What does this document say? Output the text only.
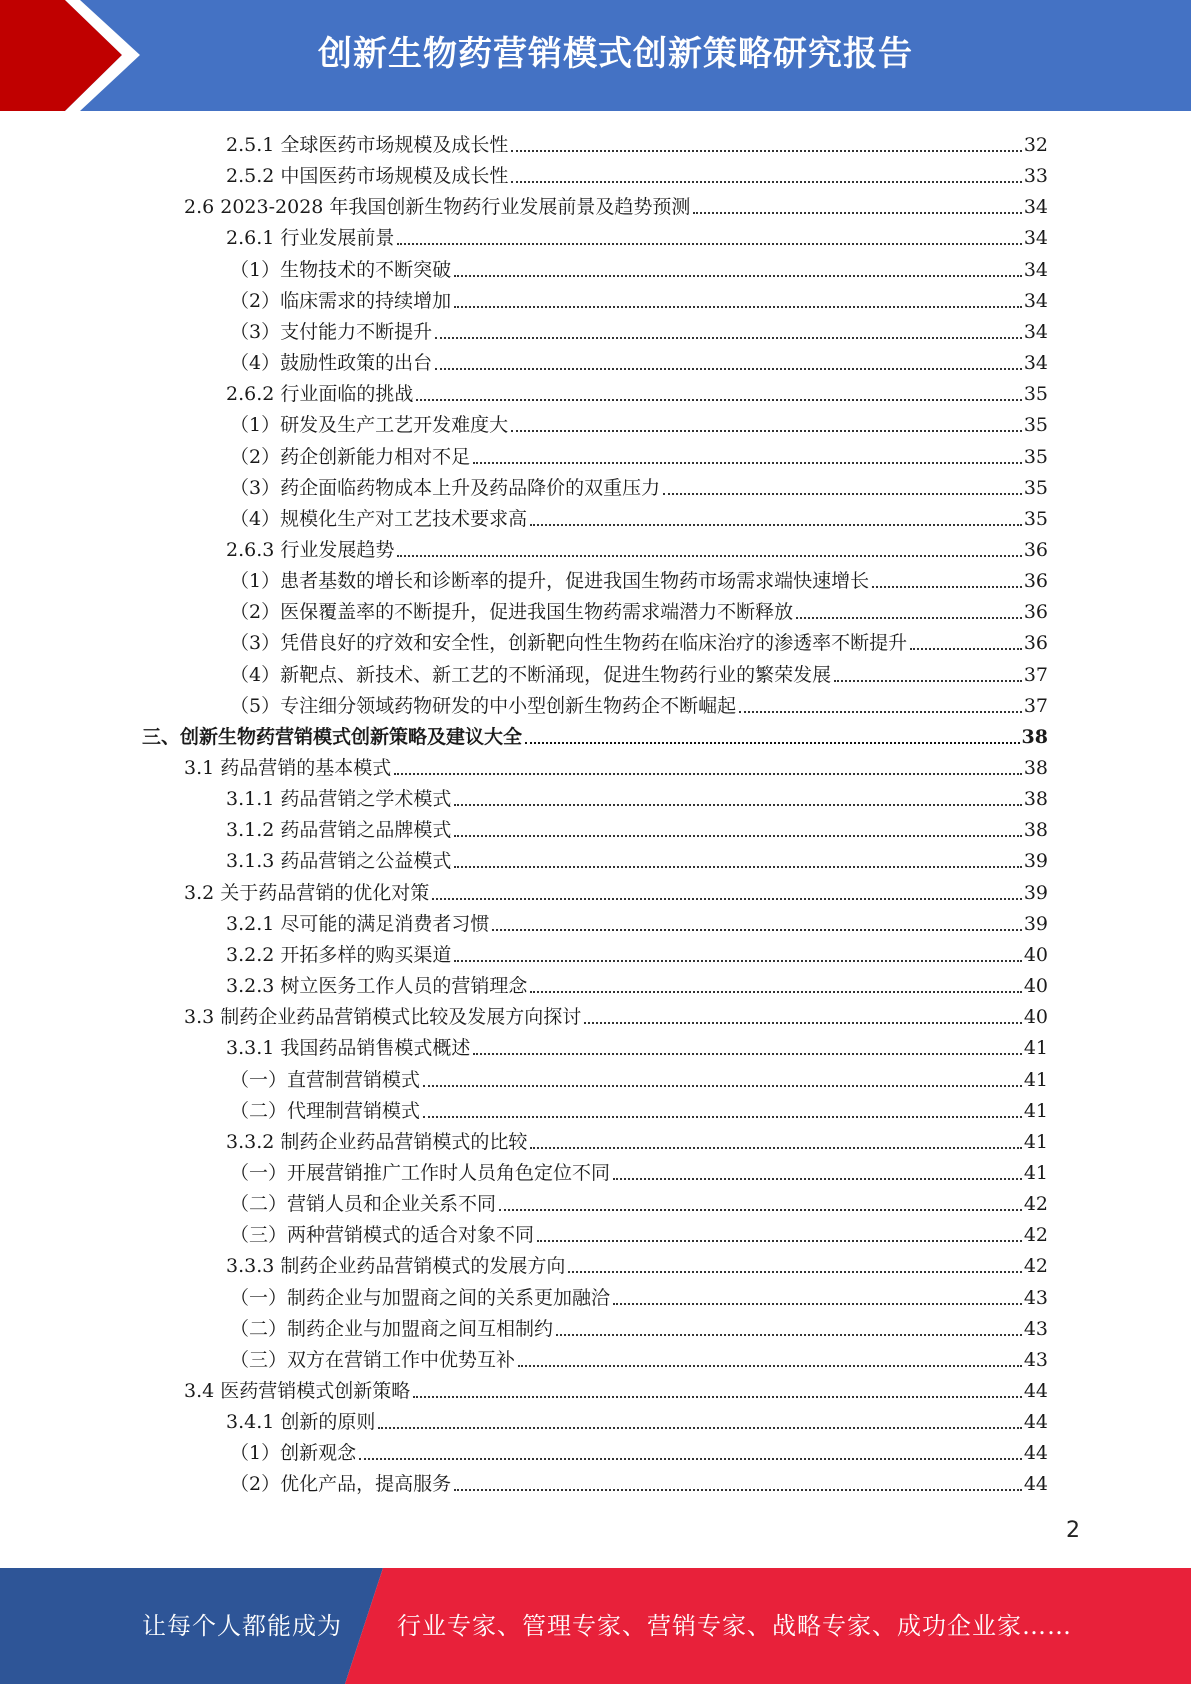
创新生物药营销模式创新策略研究报告
2.5.1 全球医药市场规模及成长性	32
2.5.2 中国医药市场规模及成长性	33
2.6 2023-2028 年我国创新生物药行业发展前景及趋势预测	34
2.6.1 行业发展前景	34
（1）生物技术的不断突破	34
（2）临床需求的持续增加	34
（3）支付能力不断提升	34
（4）鼓励性政策的出台	34
2.6.2 行业面临的挑战	35
（1）研发及生产工艺开发难度大	35
（2）药企创新能力相对不足	35
（3）药企面临药物成本上升及药品降价的双重压力	35
（4）规模化生产对工艺技术要求高	35
2.6.3 行业发展趋势	36
（1）患者基数的增长和诊断率的提升，促进我国生物药市场需求端快速增长	36
（2）医保覆盖率的不断提升，促进我国生物药需求端潜力不断释放	36
（3）凭借良好的疗效和安全性，创新靶向性生物药在临床治疗的渗透率不断提升	36
（4）新靶点、新技术、新工艺的不断涌现，促进生物药行业的繁荣发展	37
（5）专注细分领域药物研发的中小型创新生物药企不断崛起	37
三、创新生物药营销模式创新策略及建议大全	38
3.1 药品营销的基本模式	38
3.1.1 药品营销之学术模式	38
3.1.2 药品营销之品牌模式	38
3.1.3 药品营销之公益模式	39
3.2 关于药品营销的优化对策	39
3.2.1 尽可能的满足消费者习惯	39
3.2.2 开拓多样的购买渠道	40
3.2.3 树立医务工作人员的营销理念	40
3.3 制药企业药品营销模式比较及发展方向探讨	40
3.3.1 我国药品销售模式概述	41
（一）直营制营销模式	41
（二）代理制营销模式	41
3.3.2 制药企业药品营销模式的比较	41
（一）开展营销推广工作时人员角色定位不同	41
（二）营销人员和企业关系不同	42
（三）两种营销模式的适合对象不同	42
3.3.3 制药企业药品营销模式的发展方向	42
（一）制药企业与加盟商之间的关系更加融洽	43
（二）制药企业与加盟商之间互相制约	43
（三）双方在营销工作中优势互补	43
3.4 医药营销模式创新策略	44
3.4.1 创新的原则	44
（1）创新观念	44
（2）优化产品，提高服务	44
2
让每个人都能成为 行业专家、管理专家、营销专家、战略专家、成功企业家……
